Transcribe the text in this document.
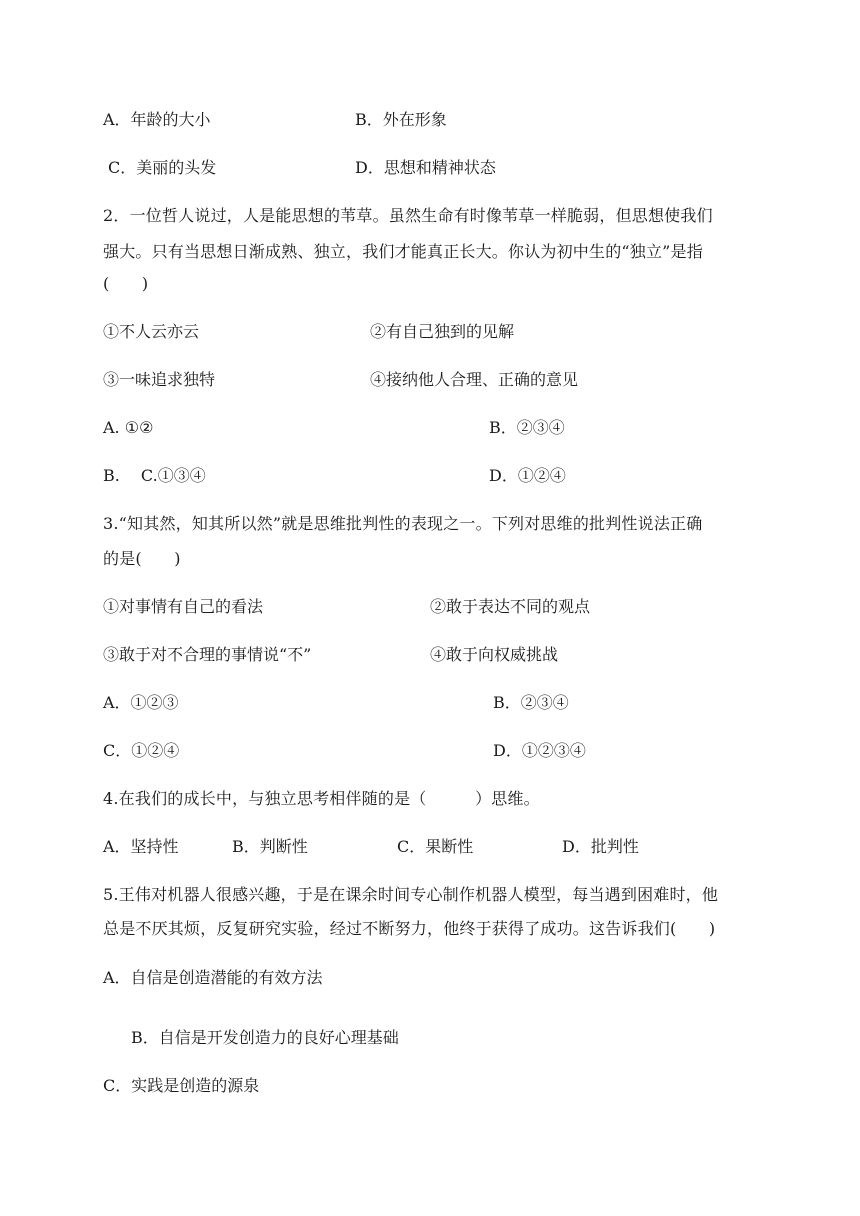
A．年龄的大小	B．外在形象
C．美丽的头发	D．思想和精神状态
2．一位哲人说过，人是能思想的苇草。虽然生命有时像苇草一样脆弱，但思想使我们
强大。只有当思想日渐成熟、独立，我们才能真正长大。你认为初中生的“独立”是指
(　　)
①不人云亦云	②有自己独到的见解
③一味追求独特	④接纳他人合理、正确的意见
A. ①②	B．②③④
B.　 C.①③④	D．①②④
3.“知其然，知其所以然”就是思维批判性的表现之一。下列对思维的批判性说法正确
的是(　　)
①对事情有自己的看法	②敢于表达不同的观点
③敢于对不合理的事情说“不”	④敢于向权威挑战
A．①②③	B．②③④
C．①②④	D．①②③④
4.在我们的成长中，与独立思考相伴随的是（　　　）思维。
A．坚持性	B．判断性	C．果断性	D．批判性
5.王伟对机器人很感兴趣，于是在课余时间专心制作机器人模型，每当遇到困难时，他
总是不厌其烦，反复研究实验，经过不断努力，他终于获得了成功。这告诉我们(　　)
A．自信是创造潜能的有效方法
B．自信是开发创造力的良好心理基础
C．实践是创造的源泉
